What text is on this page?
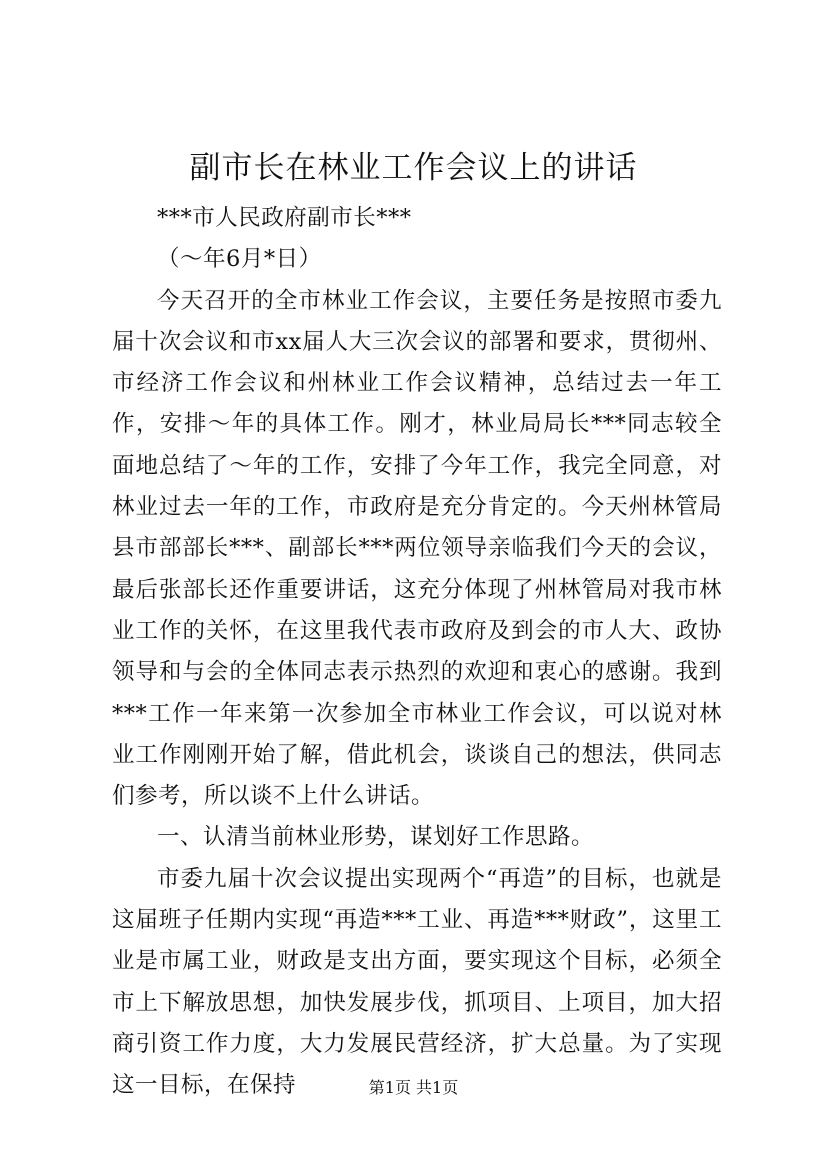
副市长在林业工作会议上的讲话

***市人民政府副市长***

（～年6月*日）

今天召开的全市林业工作会议，主要任务是按照市委九届十次会议和市xx届人大三次会议的部署和要求，贯彻州、市经济工作会议和州林业工作会议精神，总结过去一年工作，安排～年的具体工作。刚才，林业局局长***同志较全面地总结了～年的工作，安排了今年工作，我完全同意，对林业过去一年的工作，市政府是充分肯定的。今天州林管局县市部部长***、副部长***两位领导亲临我们今天的会议，最后张部长还作重要讲话，这充分体现了州林管局对我市林业工作的关怀，在这里我代表市政府及到会的市人大、政协领导和与会的全体同志表示热烈的欢迎和衷心的感谢。我到***工作一年来第一次参加全市林业工作会议，可以说对林业工作刚刚开始了解，借此机会，谈谈自己的想法，供同志们参考，所以谈不上什么讲话。

一、认清当前林业形势，谋划好工作思路。

市委九届十次会议提出实现两个“再造”的目标，也就是这届班子任期内实现“再造***工业、再造***财政”，这里工业是市属工业，财政是支出方面，要实现这个目标，必须全市上下解放思想，加快发展步伐，抓项目、上项目，加大招商引资工作力度，大力发展民营经济，扩大总量。为了实现这一目标，在保持	第1页 共1页
